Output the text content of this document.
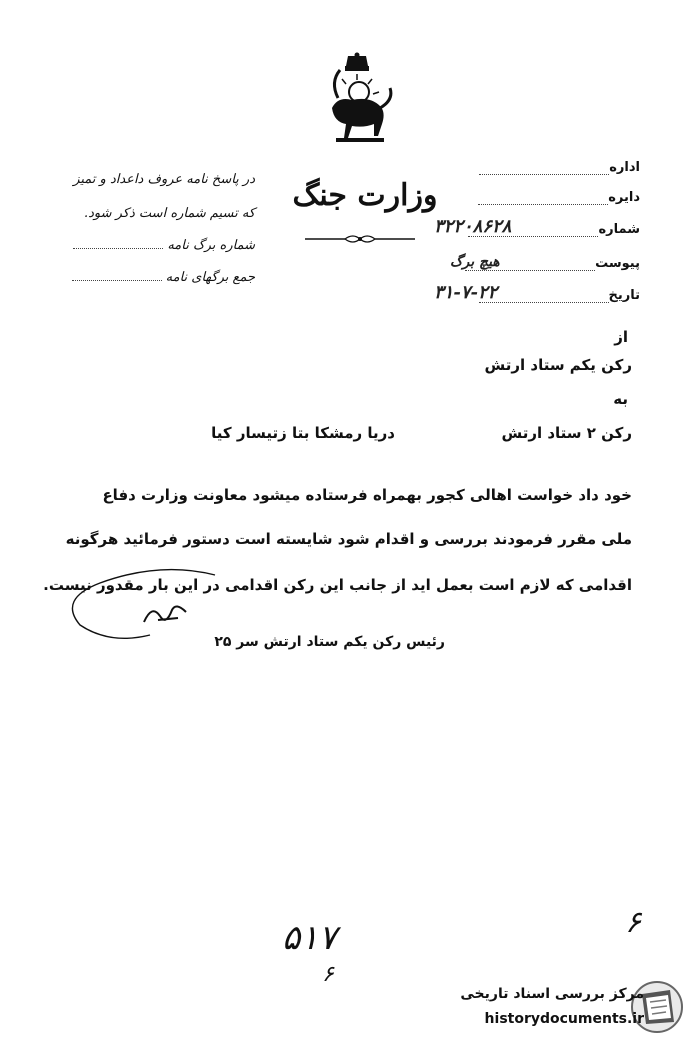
وزارت جنگ
در پاسخ نامه عروف داعداد و تمیز
که تسیم شماره است ذکر شود.
شماره برگ نامه
جمع برگهای نامه
اداره
دایره
شماره
۳۲۲۰۸۶۲۸
پیوست
هیچ برگ
تاریخ
۳۱-۷-۲۲
از
رکن یکم ستاد ارتش
به
رکن ۲ ستاد ارتش
دریا رمشکا بتا زتیسار کیا
خود داد خواست اهالی کجور بهمراه فرستاده میشود معاونت وزارت دفاع
ملی مقرر فرمودند بررسی و اقدام شود شایسته است دستور فرمائید هرگونه
اقدامی که لازم است بعمل اید از جانب این رکن اقدامی در این بار مقدور نیست.
رئیس رکن یکم ستاد ارتش سر ۲۵
۵۱۷
۶
۶
مرکز بررسی اسناد تاریخی
historydocuments.ir
